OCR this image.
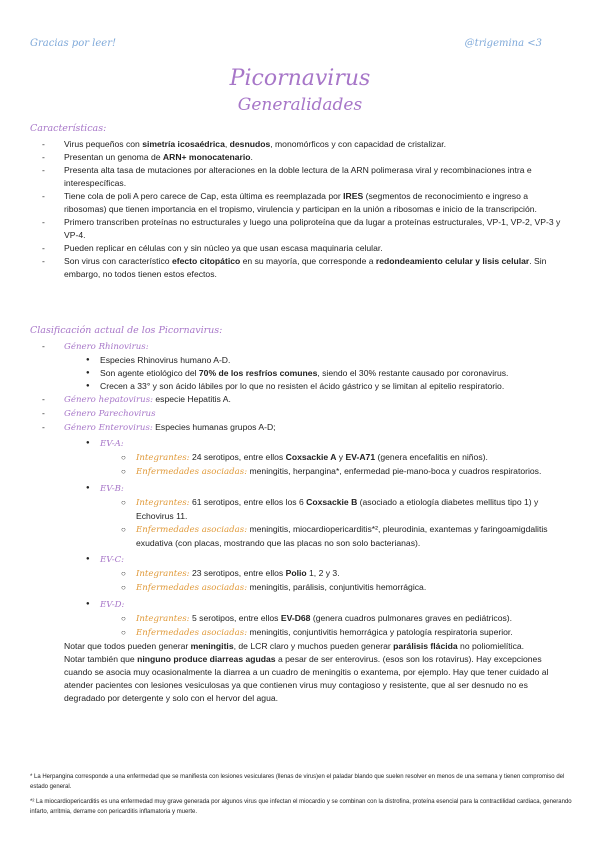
Gracias por leer!	@trigemina <3
Picornavirus
Generalidades
Características:
- Virus pequeños con simetría icosaédrica, desnudos, monomórficos y con capacidad de cristalizar.
- Presentan un genoma de ARN+ monocatenario.
- Presenta alta tasa de mutaciones por alteraciones en la doble lectura de la ARN polimerasa viral y recombinaciones intra e interespecíficas.
- Tiene cola de poli A pero carece de Cap, esta última es reemplazada por IRES (segmentos de reconocimiento e ingreso a ribosomas) que tienen importancia en el tropismo, virulencia y participan en la unión a ribosomas e inicio de la transcripción.
- Primero transcriben proteínas no estructurales y luego una poliproteína que da lugar a proteínas estructurales, VP-1, VP-2, VP-3 y VP-4.
- Pueden replicar en células con y sin núcleo ya que usan escasa maquinaria celular.
- Son virus con característico efecto citopático en su mayoría, que corresponde a redondeamiento celular y lisis celular. Sin embargo, no todos tienen estos efectos.
Clasificación actual de los Picornavirus:
- Género Rhinovirus:
● Especies Rhinovirus humano A-D.
● Son agente etiológico del 70% de los resfríos comunes, siendo el 30% restante causado por coronavirus.
● Crecen a 33° y son ácido lábiles por lo que no resisten el ácido gástrico y se limitan al epitelio respiratorio.
- Género hepatovirus: especie Hepatitis A.
- Género Parechovirus
- Género Enterovirus: Especies humanas grupos A-D;
● EV-A:
○ Integrantes: 24 serotipos, entre ellos Coxsackie A y EV-A71 (genera encefalitis en niños).
○ Enfermedades asociadas: meningitis, herpangina*, enfermedad pie-mano-boca y cuadros respiratorios.
● EV-B:
○ Integrantes: 61 serotipos, entre ellos los 6 Coxsackie B (asociado a etiología diabetes mellitus tipo 1) y Echovirus 11.
○ Enfermedades asociadas: meningitis, miocardiopericarditis*², pleurodinia, exantemas y faringoamigdalitis exudativa (con placas, mostrando que las placas no son solo bacterianas).
● EV-C:
○ Integrantes: 23 serotipos, entre ellos Polio 1, 2 y 3.
○ Enfermedades asociadas: meningitis, parálisis, conjuntivitis hemorrágica.
● EV-D:
○ Integrantes: 5 serotipos, entre ellos EV-D68 (genera cuadros pulmonares graves en pediátricos).
○ Enfermedades asociadas: meningitis, conjuntivitis hemorrágica y patología respiratoria superior.
Notar que todos pueden generar meningitis, de LCR claro y muchos pueden generar parálisis flácida no poliomielítica.
Notar también que ninguno produce diarreas agudas a pesar de ser enterovirus. (esos son los rotavirus). Hay excepciones cuando se asocia muy ocasionalmente la diarrea a un cuadro de meningitis o exantema, por ejemplo. Hay que tener cuidado al atender pacientes con lesiones vesiculosas ya que contienen virus muy contagioso y resistente, que al ser desnudo no es degradado por detergente y solo con el hervor del agua.
* La Herpangina corresponde a una enfermedad que se manifiesta con lesiones vesiculares (llenas de virus)en el paladar blando que suelen resolver en menos de una semana y tienen compromiso del estado general.
*² La miocardiopericarditis es una enfermedad muy grave generada por algunos virus que infectan el miocardio y se combinan con la distrofina, proteína esencial para la contractilidad cardiaca, generando infarto, arritmia, derrame con pericarditis inflamatoria y muerte.
